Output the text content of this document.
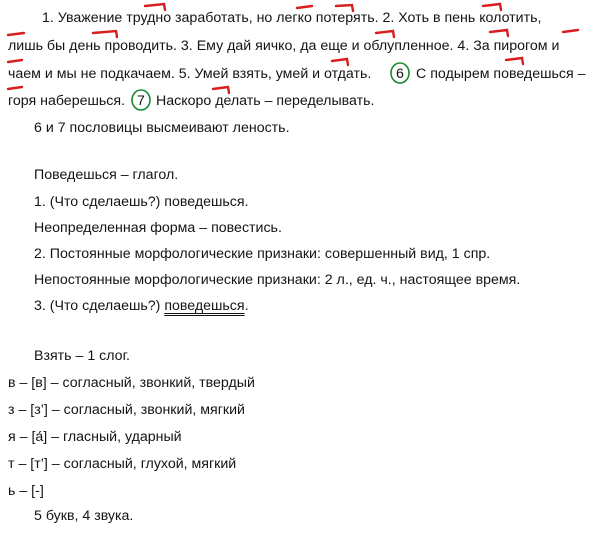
1. Уважение трудно заработать, но легко потерять. 2. Хоть в пень колотить,
лишь бы день проводить. 3. Ему дай яичко, да еще и облупленное. 4. За пирогом и
чаем и мы не подкачаем. 5. Умей взять, умей и отдать. 6 С подырем поведешься –
горя наберешься. 7 Наскоро делать – переделывать.
6 и 7 пословицы высмеивают леность.
Поведешься – глагол.
1. (Что сделаешь?) поведешься.
Неопределенная форма – повестись.
2. Постоянные морфологические признаки: совершенный вид, 1 спр.
Непостоянные морфологические признаки: 2 л., ед. ч., настоящее время.
3. (Что сделаешь?) поведешься.
Взять – 1 слог.
в – [в] – согласный, звонкий, твердый
з – [з’] – согласный, звонкий, мягкий
я – [а́] – гласный, ударный
т – [т’] – согласный, глухой, мягкий
ь – [-]
5 букв, 4 звука.
